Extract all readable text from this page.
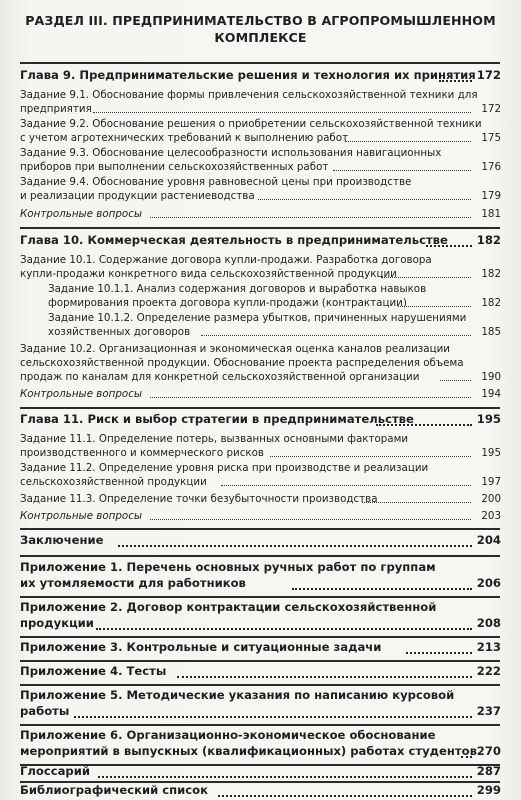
РАЗДЕЛ III. ПРЕДПРИНИМАТЕЛЬСТВО В АГРОПРОМЫШЛЕННОМ
КОМПЛЕКСЕ
Глава 9. Предпринимательские решения и технология их принятия 172
Задание 9.1. Обоснование формы привлечения сельскохозяйственной техники для
предприятия	172
Задание 9.2. Обоснование решения о приобретении сельскохозяйственной техники
с учетом агротехнических требований к выполнению работ	175
Задание 9.3. Обоснование целесообразности использования навигационных
приборов при выполнении сельскохозяйственных работ	176
Задание 9.4. Обоснование уровня равновесной цены при производстве
и реализации продукции растениеводства	179
Контрольные вопросы	181
Глава 10. Коммерческая деятельность в предпринимательстве	182
Задание 10.1. Содержание договора купли-продажи. Разработка договора
купли-продажи конкретного вида сельскохозяйственной продукции	182
Задание 10.1.1. Анализ содержания договоров и выработка навыков
формирования проекта договора купли-продажи (контрактации)	182
Задание 10.1.2. Определение размера убытков, причиненных нарушениями
хозяйственных договоров	185
Задание 10.2. Организационная и экономическая оценка каналов реализации
сельскохозяйственной продукции. Обоснование проекта распределения объема
продаж по каналам для конкретной сельскохозяйственной организации	190
Контрольные вопросы	194
Глава 11. Риск и выбор стратегии в предпринимательстве	195
Задание 11.1. Определение потерь, вызванных основными факторами
производственного и коммерческого рисков	195
Задание 11.2. Определение уровня риска при производстве и реализации
сельскохозяйственной продукции	197
Задание 11.3. Определение точки безубыточности производства	200
Контрольные вопросы	203
Заключение	204
Приложение 1. Перечень основных ручных работ по группам
их утомляемости для работников	206
Приложение 2. Договор контрактации сельскохозяйственной
продукции	208
Приложение 3. Контрольные и ситуационные задачи	213
Приложение 4. Тесты	222
Приложение 5. Методические указания по написанию курсовой
работы	237
Приложение 6. Организационно-экономическое обоснование
мероприятий в выпускных (квалификационных) работах студентов 270
Глоссарий	287
Библиографический список	299
